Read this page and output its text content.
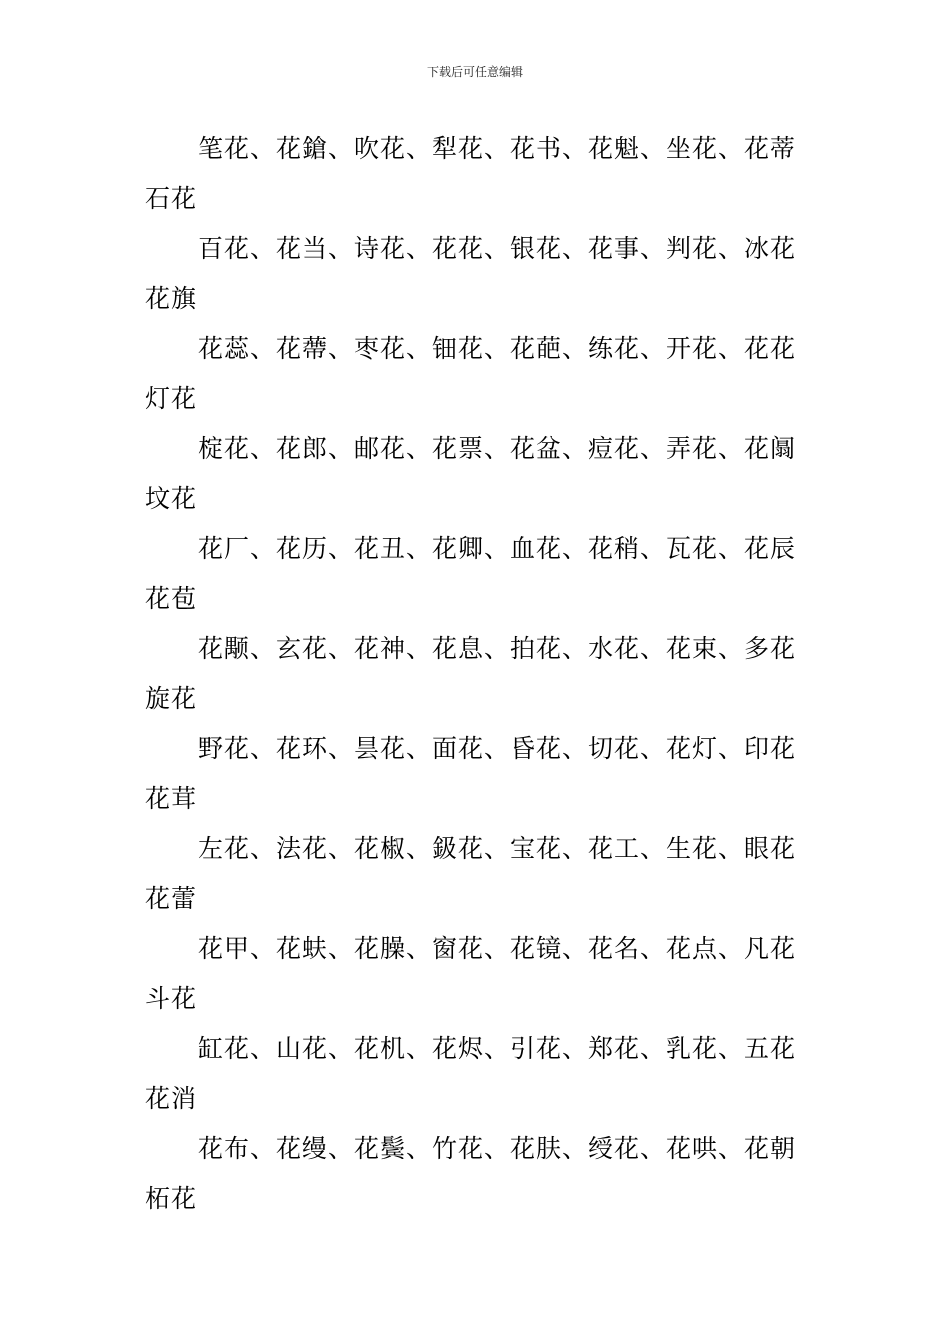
下载后可任意编辑

笔花、花鎗、吹花、犁花、花书、花魁、坐花、花蒂
石花

百花、花当、诗花、花花、银花、花事、判花、冰花
花旗

花蕊、花蔕、枣花、钿花、花葩、练花、开花、花花
灯花

椗花、花郎、邮花、花票、花盆、痘花、弄花、花阘
坟花

花厂、花历、花丑、花卿、血花、花稍、瓦花、花辰
花苞

花颙、玄花、花神、花息、拍花、水花、花束、多花
旋花

野花、花环、昙花、面花、昏花、切花、花灯、印花
花茸

左花、法花、花椒、鈒花、宝花、花工、生花、眼花
花蕾

花甲、花蚨、花臊、窗花、花镜、花名、花点、凡花
斗花

缸花、山花、花机、花烬、引花、郑花、乳花、五花
花消

花布、花缦、花鬓、竹花、花肤、绶花、花哄、花朝
柘花
